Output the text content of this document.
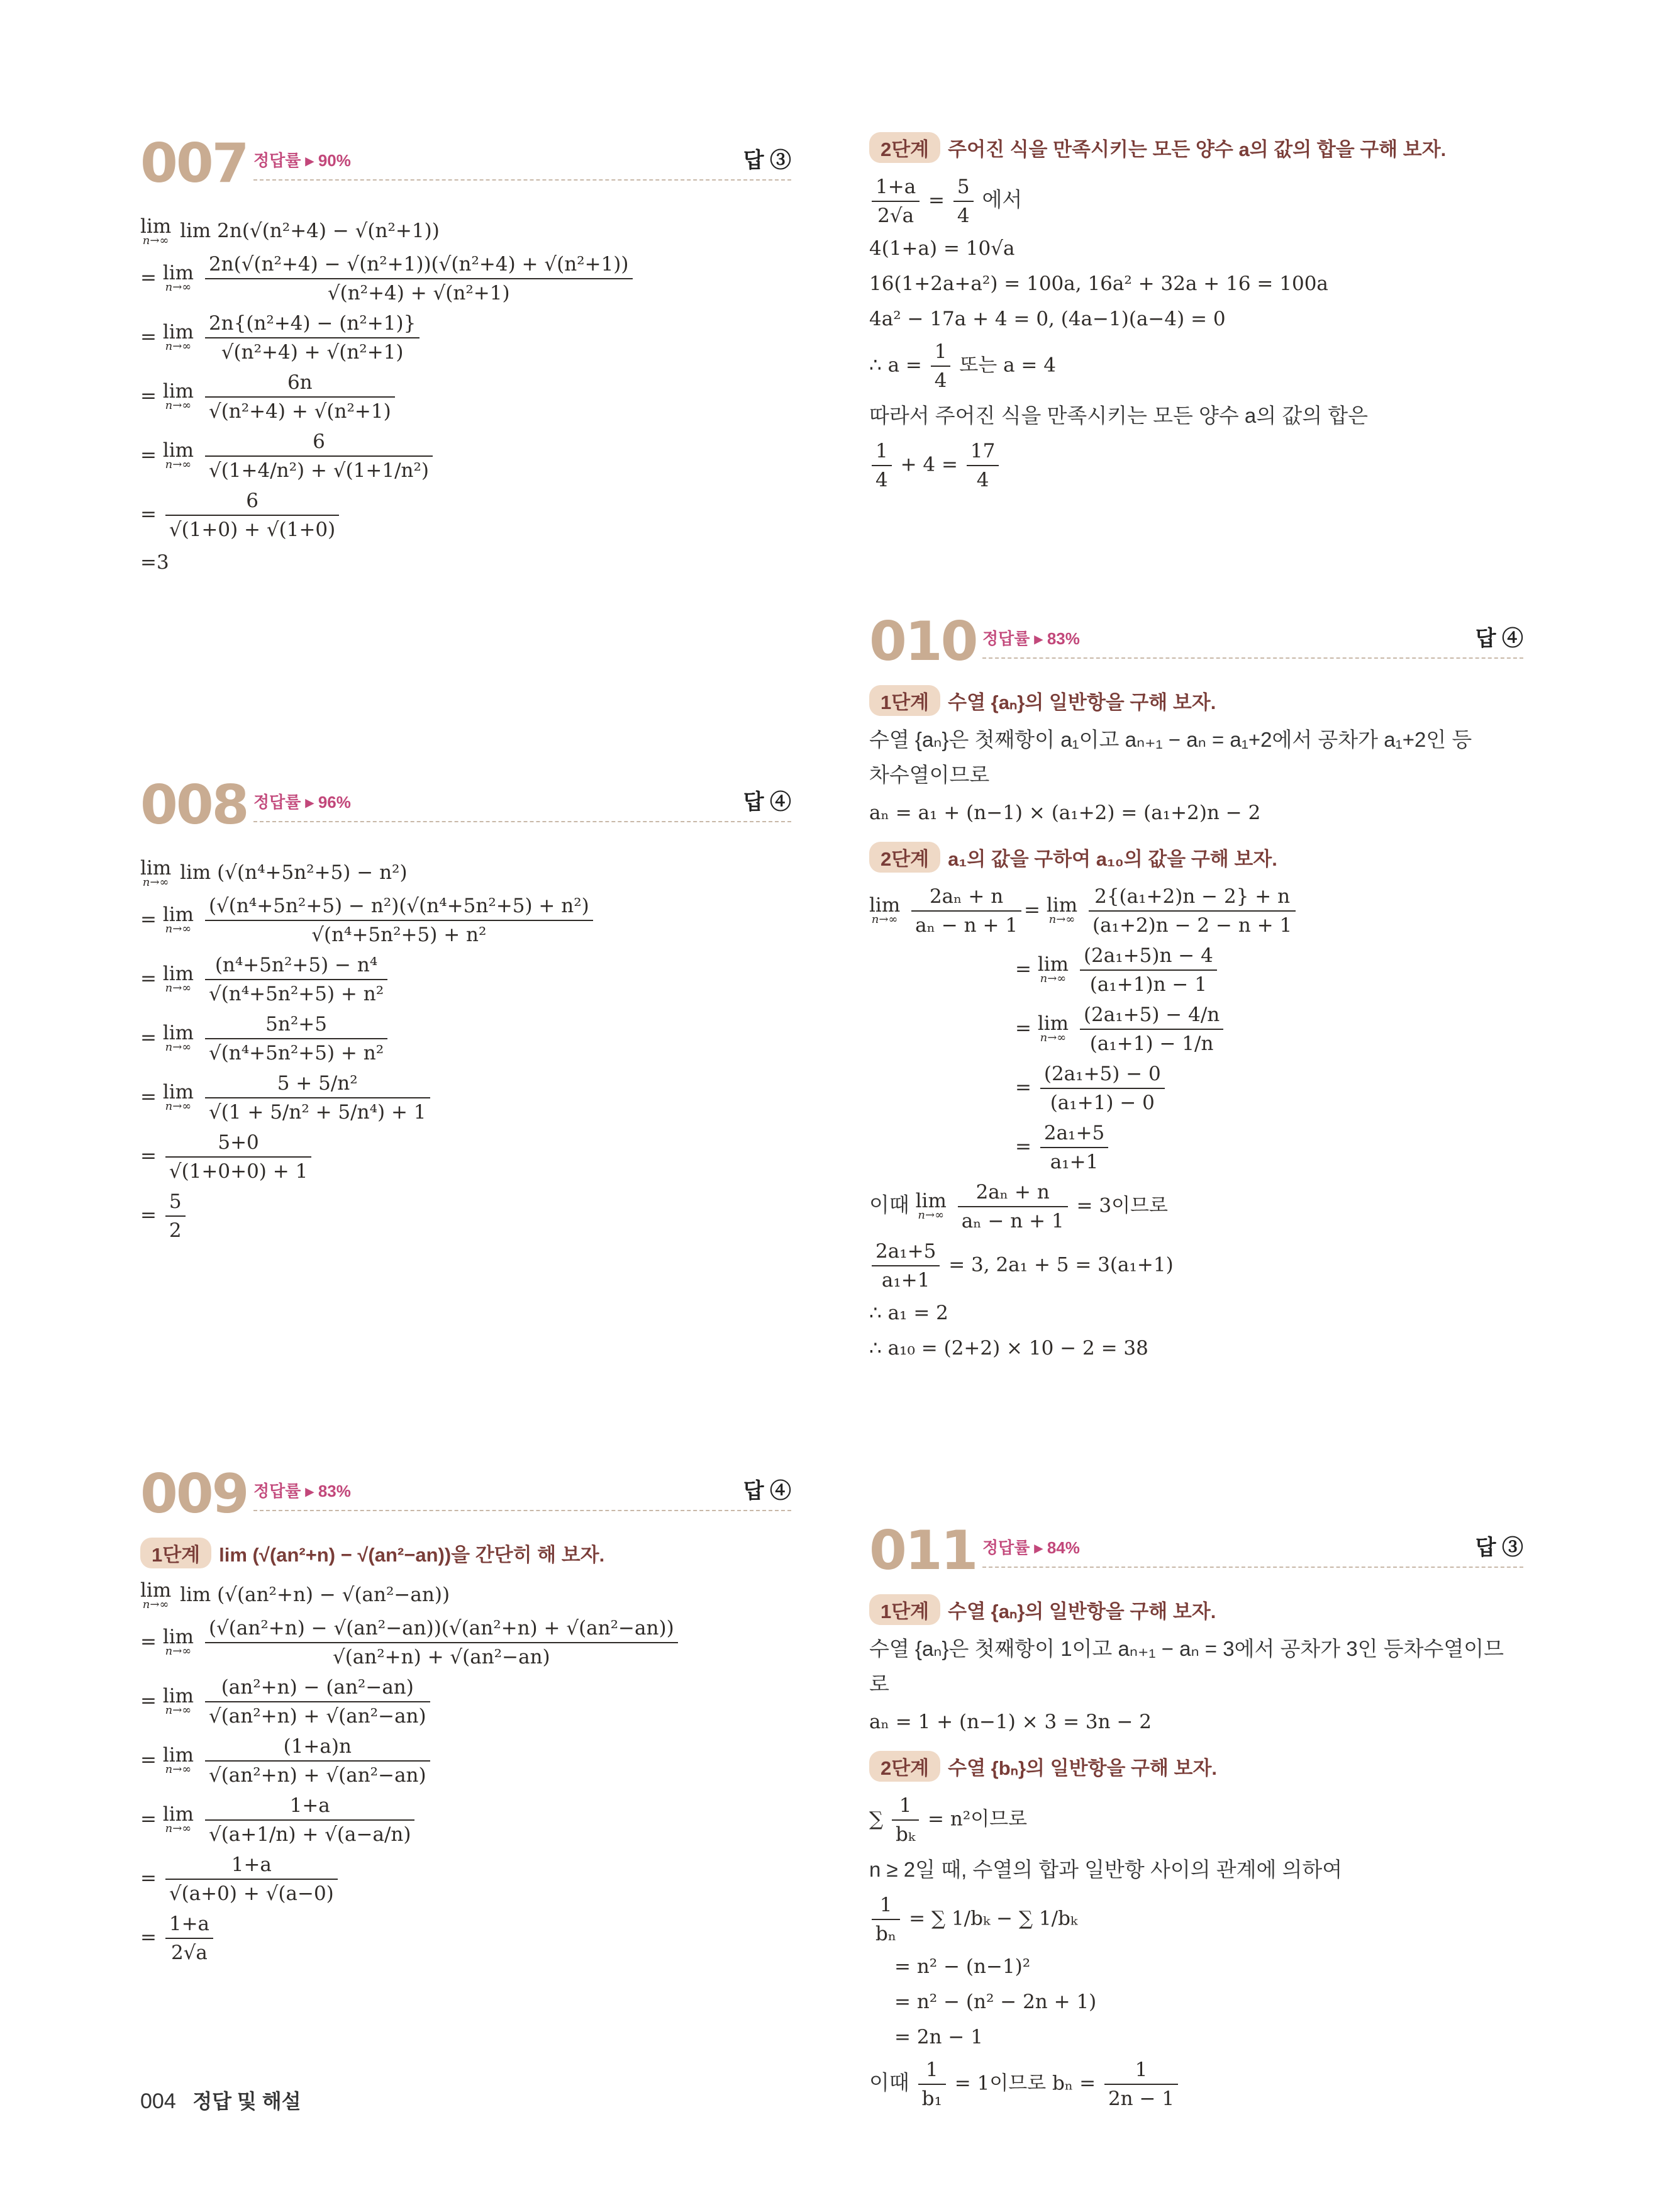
007 정답률 ▸ 90%	답 ③
lim
n→∞ lim 2n(√(n²+4) − √(n²+1))
= lim
n→∞
$\frac{\text{2n(√(n²+4) − √(n²+1))(√(n²+4) + √(n²+1))}}{\text{√(n²+4) + √(n²+1)}}$
= lim
n→∞
$\frac{\text{2n\{(n²+4) − (n²+1)\}}}{\text{√(n²+4) + √(n²+1)}}$
= lim
n→∞
$\frac{6n}{\text{√(n²+4) + √(n²+1)}}$
= lim
n→∞
$\frac{6}{\text{√(1+4/n²) + √(1+1/n²)}}$
= $\frac{6}{√(1+0) + √(1+0)}$
=3
008 정답률 ▸ 96%	답 ④
lim
n→∞ lim (√(n⁴+5n²+5) − n²)
= lim
n→∞
$\frac{\text{(√(n⁴+5n²+5) − n²)(√(n⁴+5n²+5) + n²)}}{\text{√(n⁴+5n²+5) + n²}}$
= lim
n→∞
$\frac{\text{(n⁴+5n²+5) − n⁴}}{\text{√(n⁴+5n²+5) + n²}}$
= lim
n→∞
$\frac{\text{5n²+5}}{\text{√(n⁴+5n²+5) + n²}}$
= lim
n→∞
$\frac{\text{5 + 5/n²}}{\text{√(1 + 5/n² + 5/n⁴) + 1}}$
= $\frac{5+0}{√(1+0+0) + 1}$
= $\frac{5}{2}$
009 정답률 ▸ 83%	답 ④
1단계 lim (√(an²+n) − √(an²−an))을 간단히 해 보자.
lim
n→∞ lim (√(an²+n) − √(an²−an))
= lim
n→∞
$\frac{\text{(√(an²+n) − √(an²−an))(√(an²+n) + √(an²−an))}}{\text{√(an²+n) + √(an²−an)}}$
= lim
n→∞
$\frac{\text{(an²+n) − (an²−an)}}{\text{√(an²+n) + √(an²−an)}}$
= lim
n→∞
$\frac{(1+a)n}{\text{√(an²+n) + √(an²−an)}}$
= lim
n→∞
$\frac{1+a}{√(a+1/n) + √(a-a/n)}$
= $\frac{1+a}{√(a+0) + √(a-0)}$
= $\frac{1+a}{2√a}$
004 정답 및 해설
2단계 주어진 식을 만족시키는 모든 양수 a의 값의 합을 구해 보자.
$\frac{1+a}{2√a} = \frac{5}{4}$ 에서
4(1+a) = 10√a
16(1+2a+a²) = 100a, 16a² + 32a + 16 = 100a
4a² − 17a + 4 = 0, (4a−1)(a−4) = 0
∴ $a = \frac{1}{4}$ 또는 a = 4
따라서 주어진 식을 만족시키는 모든 양수 a의 값의 합은
$\frac{1}{4} + 4 = \frac{17}{4}$
010 정답률 ▸ 83%	답 ④
1단계 수열 {aₙ}의 일반항을 구해 보자.
수열 {aₙ}은 첫째항이 a₁이고 aₙ₊₁ − aₙ = a₁+2에서 공차가 a₁+2인 등
차수열이므로
aₙ = a₁ + (n−1) × (a₁+2) = (a₁+2)n − 2
2단계 a₁의 값을 구하여 a₁₀의 값을 구해 보자.
lim
n→∞
$\frac{\text{2aₙ + n}}{\text{aₙ − n + 1}} = \lim$
n→∞
$\frac{\text{2\{(a₁+2)n − 2\} + n}}{\text{(a₁+2)n − 2 − n + 1}}$
= lim
n→∞
$\frac{\text{(2a₁+5)n − 4}}{\text{(a₁+1)n − 1}}$
= lim
n→∞
$\frac{\text{(2a₁+5) − 4/n}}{\text{(a₁+1) − 1/n}}$
= $\frac{\text{(2a₁+5) − 0}}{\text{(a₁+1) − 0}}$
= $\frac{\text{2a₁+5}}{\text{a₁+1}}$
이때 lim
n→∞
$\frac{\text{2aₙ + n}}{\text{aₙ − n + 1}} = 3$이므로
$\frac{\text{2a₁+5}}{\text{a₁+1}} = 3$, 2a₁ + 5 = 3(a₁+1)
∴ a₁ = 2
∴ a₁₀ = (2+2) × 10 − 2 = 38
011 정답률 ▸ 84%	답 ③
1단계 수열 {aₙ}의 일반항을 구해 보자.
수열 {aₙ}은 첫째항이 1이고 aₙ₊₁ − aₙ = 3에서 공차가 3인 등차수열이므로
aₙ = 1 + (n−1) × 3 = 3n − 2
2단계 수열 {bₙ}의 일반항을 구해 보자.
∑ $\frac{1}{\text{bₖ}} = n^2$이므로
n ≥ 2일 때, 수열의 합과 일반항 사이의 관계에 의하여
$\frac{1}{\text{bₙ}}$ = ∑ 1/bₖ − ∑ 1/bₖ
= n² − (n−1)²
= n² − (n² − 2n + 1)
= 2n − 1
이때 $\frac{1}{\text{b₁}} = 1$이므로 $b_n = \frac{1}{2n - 1}$
